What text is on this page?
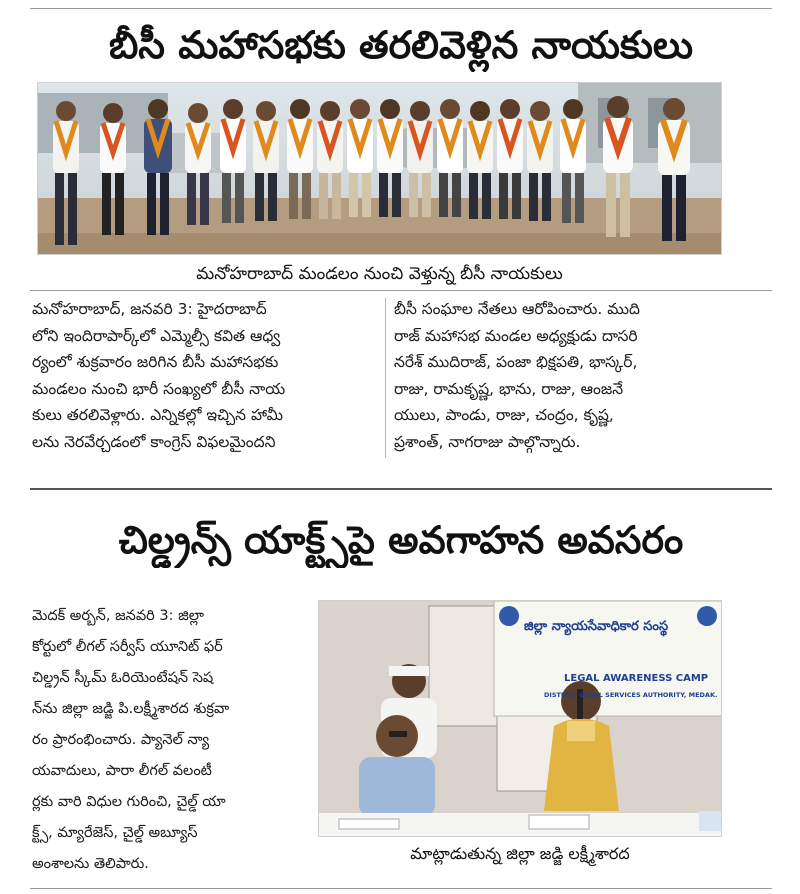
బీసీ మహాసభకు తరలివెళ్లిన నాయకులు
మనోహరాబాద్ మండలం నుంచి వెళ్తున్న బీసీ నాయకులు

మనోహరాబాద్, జనవరి 3: హైదరాబాద్

లోని ఇందిరాపార్క్‌లో ఎమ్మెల్సీ కవిత ఆధ్వ

ర్యంలో శుక్రవారం జరిగిన బీసీ మహాసభకు

మండలం నుంచి భారీ సంఖ్యలో బీసీ నాయ

కులు తరలివెళ్లారు. ఎన్నికల్లో ఇచ్చిన హామీ

లను నెరవేర్చడంలో కాంగ్రెస్ విఫలమైందని

బీసీ సంఘాల నేతలు ఆరోపించారు. ముది

రాజ్ మహాసభ మండల అధ్యక్షుడు దాసరి

నరేశ్ ముదిరాజ్, పంజా భిక్షపతి, భాస్కర్,

రాజు, రామకృష్ణ, భాను, రాజు, ఆంజనే

యులు, పాండు, రాజు, చంద్రం, కృష్ణ,

ప్రశాంత్, నాగరాజు పాల్గొన్నారు.

చిల్డ్రన్స్ యాక్ట్స్‌పై అవగాహన అవసరం

మెదక్ అర్బన్, జనవరి 3: జిల్లా

కోర్టులో లీగల్ సర్వీస్ యూనిట్ ఫర్

చిల్డ్రన్ స్కీమ్ ఓరియెంటేషన్ సెష

న్‌ను జిల్లా జడ్జి పి.లక్ష్మీశారద శుక్రవా

రం ప్రారంభించారు. ప్యానెల్ న్యా

యవాదులు, పారా లీగల్ వలంటీ

ర్లకు వారి విధుల గురించి, చైల్డ్ యా

క్ట్స్, మ్యారేజెస్, చైల్డ్ అబ్యూస్

అంశాలను తెలిపారు.

జిల్లా న్యాయసేవాధికార సంస్థ
LEGAL AWARENESS CAMP
DISTRICT LEGAL SERVICES AUTHORITY, MEDAK.
మాట్లాడుతున్న జిల్లా జడ్జి లక్ష్మీశారద
